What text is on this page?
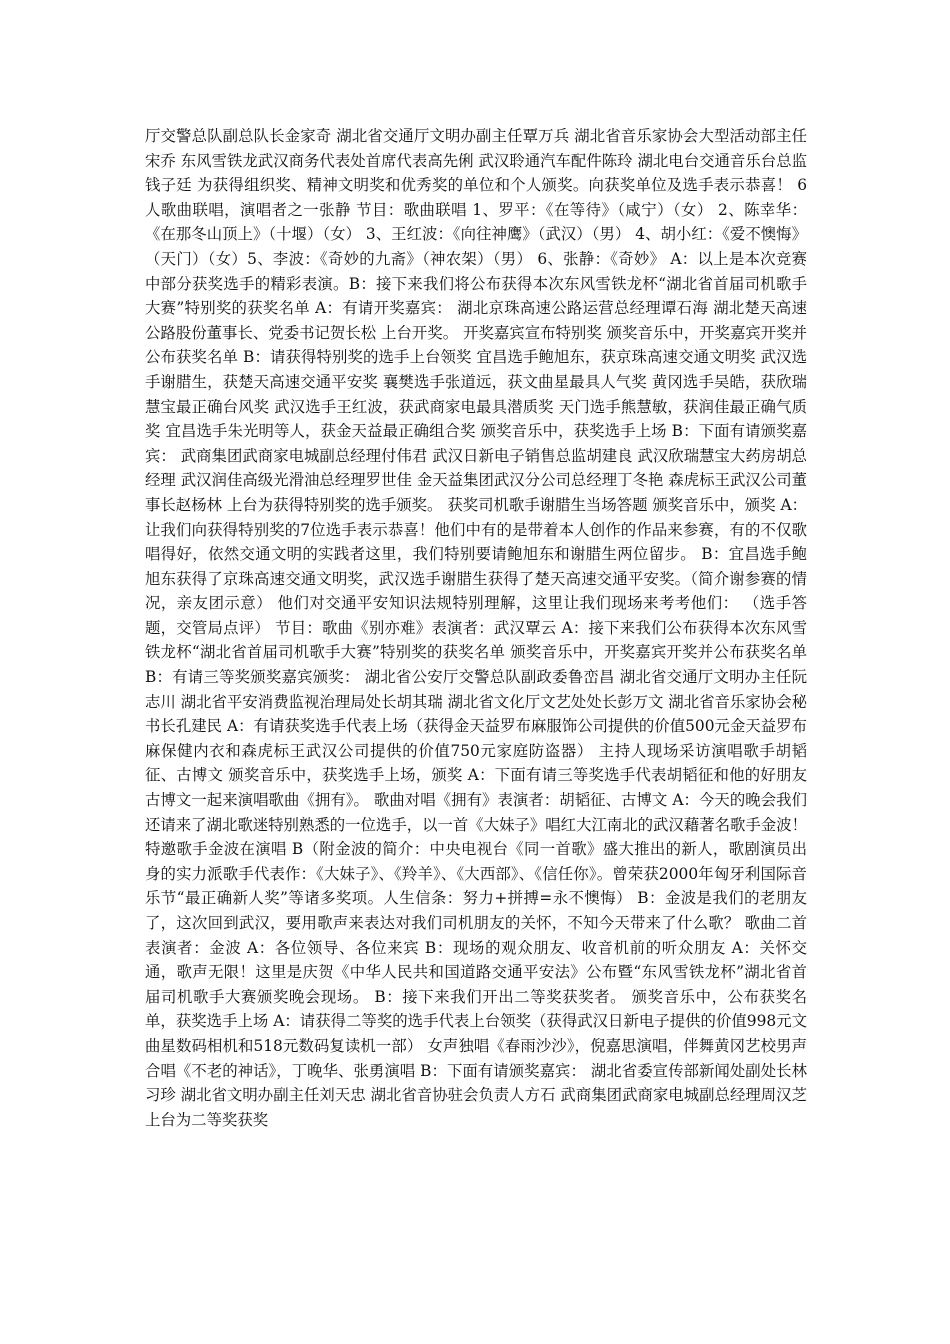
厅交警总队副总队长金家奇 湖北省交通厅文明办副主任覃万兵 湖北省音乐家协会大型活动部主任宋乔 东风雪铁龙武汉商务代表处首席代表高先俐 武汉聆通汽车配件陈玲 湖北电台交通音乐台总监钱子廷 为获得组织奖、精神文明奖和优秀奖的单位和个人颁奖。向获奖单位及选手表示恭喜！ 6人歌曲联唱，演唱者之一张静 节目：歌曲联唱 1、罗平：《在等待》（咸宁）（女） 2、陈幸华：《在那冬山顶上》（十堰）（女） 3、王红波：《向往神鹰》（武汉）（男） 4、胡小红：《爱不懊悔》（天门）（女）5、李波：《奇妙的九斋》（神农架）（男） 6、张静：《奇妙》 A：以上是本次竞赛中部分获奖选手的精彩表演。B：接下来我们将公布获得本次东风雪铁龙杯“湖北省首届司机歌手大赛”特别奖的获奖名单 A：有请开奖嘉宾： 湖北京珠高速公路运营总经理谭石海 湖北楚天高速公路股份董事长、党委书记贺长松 上台开奖。 开奖嘉宾宣布特别奖 颁奖音乐中，开奖嘉宾开奖并公布获奖名单 B：请获得特别奖的选手上台领奖 宜昌选手鲍旭东，获京珠高速交通文明奖 武汉选手谢腊生，获楚天高速交通平安奖 襄樊选手张道远，获文曲星最具人气奖 黄冈选手吴皓，获欣瑞慧宝最正确台风奖 武汉选手王红波，获武商家电最具潜质奖 天门选手熊慧敏，获润佳最正确气质奖 宜昌选手朱光明等人，获金天益最正确组合奖 颁奖音乐中，获奖选手上场 B：下面有请颁奖嘉宾： 武商集团武商家电城副总经理付伟君 武汉日新电子销售总监胡建良 武汉欣瑞慧宝大药房胡总经理 武汉润佳高级光滑油总经理罗世佳 金天益集团武汉分公司总经理丁冬艳 森虎标王武汉公司董事长赵杨林 上台为获得特别奖的选手颁奖。 获奖司机歌手谢腊生当场答题 颁奖音乐中，颁奖 A：让我们向获得特别奖的7位选手表示恭喜！他们中有的是带着本人创作的作品来参赛，有的不仅歌唱得好，依然交通文明的实践者这里，我们特别要请鲍旭东和谢腊生两位留步。 B：宜昌选手鲍旭东获得了京珠高速交通文明奖，武汉选手谢腊生获得了楚天高速交通平安奖。（简介谢参赛的情况，亲友团示意） 他们对交通平安知识法规特别理解，这里让我们现场来考考他们： （选手答题，交管局点评） 节目：歌曲《别亦难》表演者：武汉覃云 A：接下来我们公布获得本次东风雪铁龙杯“湖北省首届司机歌手大赛”特别奖的获奖名单 颁奖音乐中，开奖嘉宾开奖并公布获奖名单 B：有请三等奖颁奖嘉宾颁奖： 湖北省公安厅交警总队副政委鲁峦昌 湖北省交通厅文明办主任阮志川 湖北省平安消费监视治理局处长胡其瑞 湖北省文化厅文艺处处长彭万文 湖北省音乐家协会秘书长孔建民 A：有请获奖选手代表上场（获得金天益罗布麻服饰公司提供的价值500元金天益罗布麻保健内衣和森虎标王武汉公司提供的价值750元家庭防盗器） 主持人现场采访演唱歌手胡韬征、古博文 颁奖音乐中，获奖选手上场，颁奖 A：下面有请三等奖选手代表胡韬征和他的好朋友古博文一起来演唱歌曲《拥有》。 歌曲对唱《拥有》表演者：胡韬征、古博文 A：今天的晚会我们还请来了湖北歌迷特别熟悉的一位选手，以一首《大妹子》唱红大江南北的武汉藉著名歌手金波！ 特邀歌手金波在演唱 B（附金波的简介：中央电视台《同一首歌》盛大推出的新人，歌剧演员出身的实力派歌手代表作：《大妹子》、《羚羊》、《大西部》、《信任你》。曾荣获2000年匈牙利国际音乐节“最正确新人奖”等诸多奖项。人生信条：努力+拼搏=永不懊悔） B：金波是我们的老朋友了，这次回到武汉，要用歌声来表达对我们司机朋友的关怀，不知今天带来了什么歌？ 歌曲二首表演者：金波 A：各位领导、各位来宾 B：现场的观众朋友、收音机前的听众朋友 A：关怀交通，歌声无限！这里是庆贺《中华人民共和国道路交通平安法》公布暨“东风雪铁龙杯”湖北省首届司机歌手大赛颁奖晚会现场。 B：接下来我们开出二等奖获奖者。 颁奖音乐中，公布获奖名单，获奖选手上场 A：请获得二等奖的选手代表上台领奖（获得武汉日新电子提供的价值998元文曲星数码相机和518元数码复读机一部） 女声独唱《春雨沙沙》，倪嘉思演唱，伴舞黄冈艺校男声合唱《不老的神话》，丁晚华、张勇演唱 B：下面有请颁奖嘉宾： 湖北省委宣传部新闻处副处长林习珍 湖北省文明办副主任刘天忠 湖北省音协驻会负责人方石 武商集团武商家电城副总经理周汉芝 上台为二等奖获奖
